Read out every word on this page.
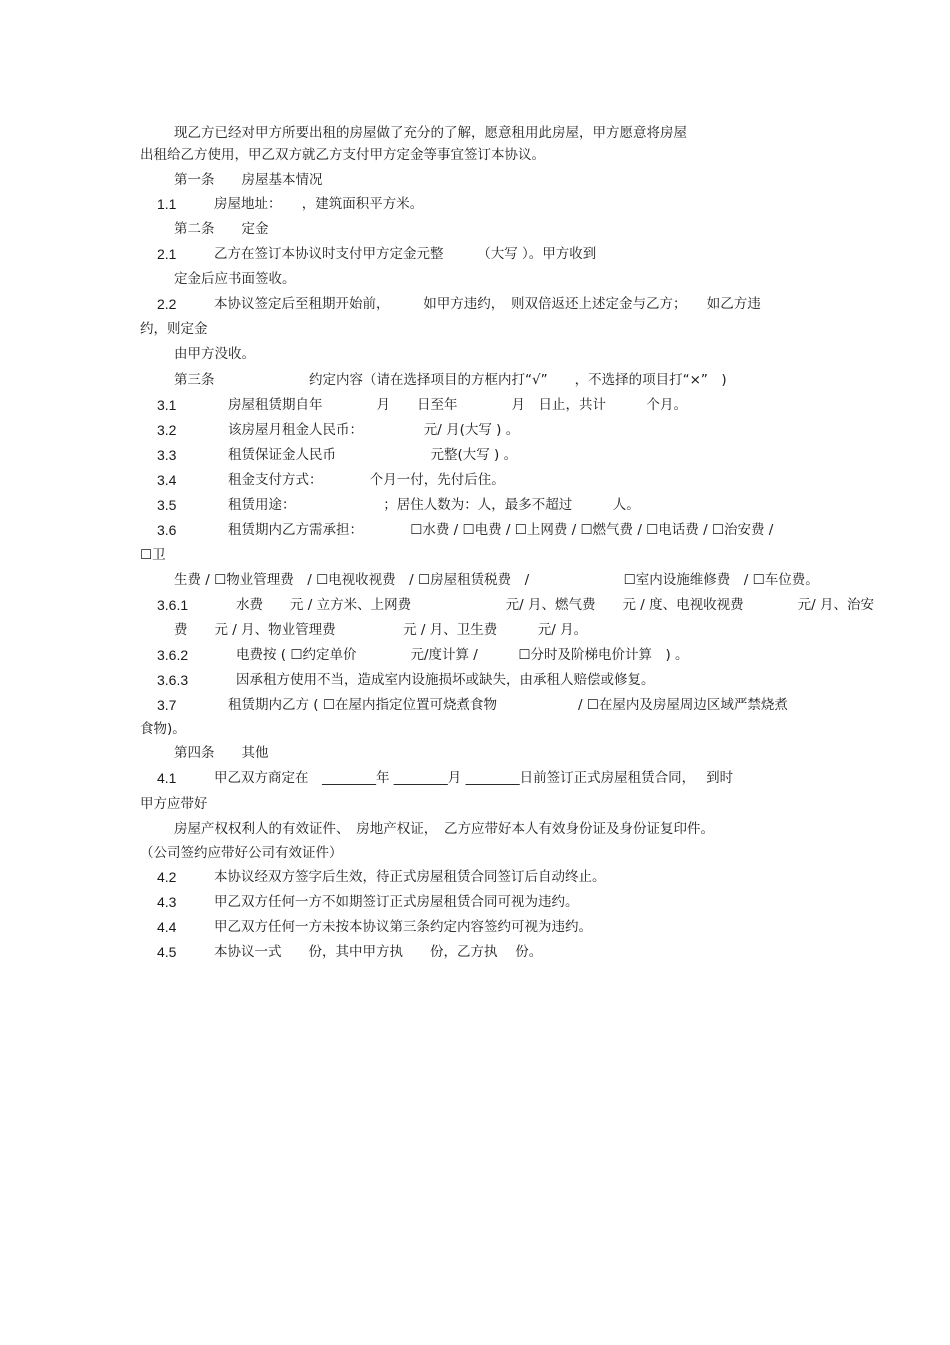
现乙方已经对甲方所要出租的房屋做了充分的了解，愿意租用此房屋，甲方愿意将房屋
出租给乙方使用，甲乙双方就乙方支付甲方定金等事宜签订本协议。
第一条　　房屋基本情况
1.1	房屋地址：　　，建筑面积平方米。
第二条　　定金
2.1	乙方在签订本协议时支付甲方定金元整　　　（大写 ）。甲方收到
定金后应书面签收。
2.2	本协议签定后至租期开始前，　　　如甲方违约，　则双倍返还上述定金与乙方；　　如乙方违
约，则定金
由甲方没收。
第三条　　　　　　　约定内容（请在选择项目的方框内打“√”　　，不选择的项目打“×”　)
3.1	房屋租赁期自年　　　　月　　日至年　　　　月　日止，共计　　　个月。
3.2	该房屋月租金人民币：　　　　　元/ 月(大写 ) 。
3.3	租赁保证金人民币　　　　　　　元整(大写 ) 。
3.4	租金支付方式：　　　　个月一付，先付后住。
3.5	租赁用途：　　　　　　　；居住人数为：人，最多不超过　　　人。
3.6	租赁期内乙方需承担：　　　　☐水费 / ☐电费 / ☐上网费 / ☐燃气费 / ☐电话费 / ☐治安费 /
☐卫
生费 / ☐物业管理费　/ ☐电视收视费　/ ☐房屋租赁税费　/　　　　　　　☐室内设施维修费　/ ☐车位费。
3.6.1	水费　　元 / 立方米、上网费　　　　　　　元/ 月、燃气费　　元 / 度、电视收视费　　　　元/ 月、治安
费　　元 / 月、物业管理费　　　　　元 / 月、卫生费　　　元/ 月。
3.6.2	电费按 ( ☐约定单价　　　　元/度计算 /　　　☐分时及阶梯电价计算　) 。
3.6.3	因承租方使用不当，造成室内设施损坏或缺失，由承租人赔偿或修复。
3.7	租赁期内乙方 ( ☐在屋内指定位置可烧煮食物　　　　　　/ ☐在屋内及房屋周边区域严禁烧煮
食物)。
第四条　　其他
4.1	甲乙双方商定在　________年 ________月 ________日前签订正式房屋租赁合同，　 到时
甲方应带好
房屋产权权利人的有效证件、　房地产权证，　乙方应带好本人有效身份证及身份证复印件。
（公司签约应带好公司有效证件）
4.2	本协议经双方签字后生效，待正式房屋租赁合同签订后自动终止。
4.3	甲乙双方任何一方不如期签订正式房屋租赁合同可视为违约。
4.4	甲乙双方任何一方未按本协议第三条约定内容签约可视为违约。
4.5	本协议一式　　份，其中甲方执　　份，乙方执　 份。
